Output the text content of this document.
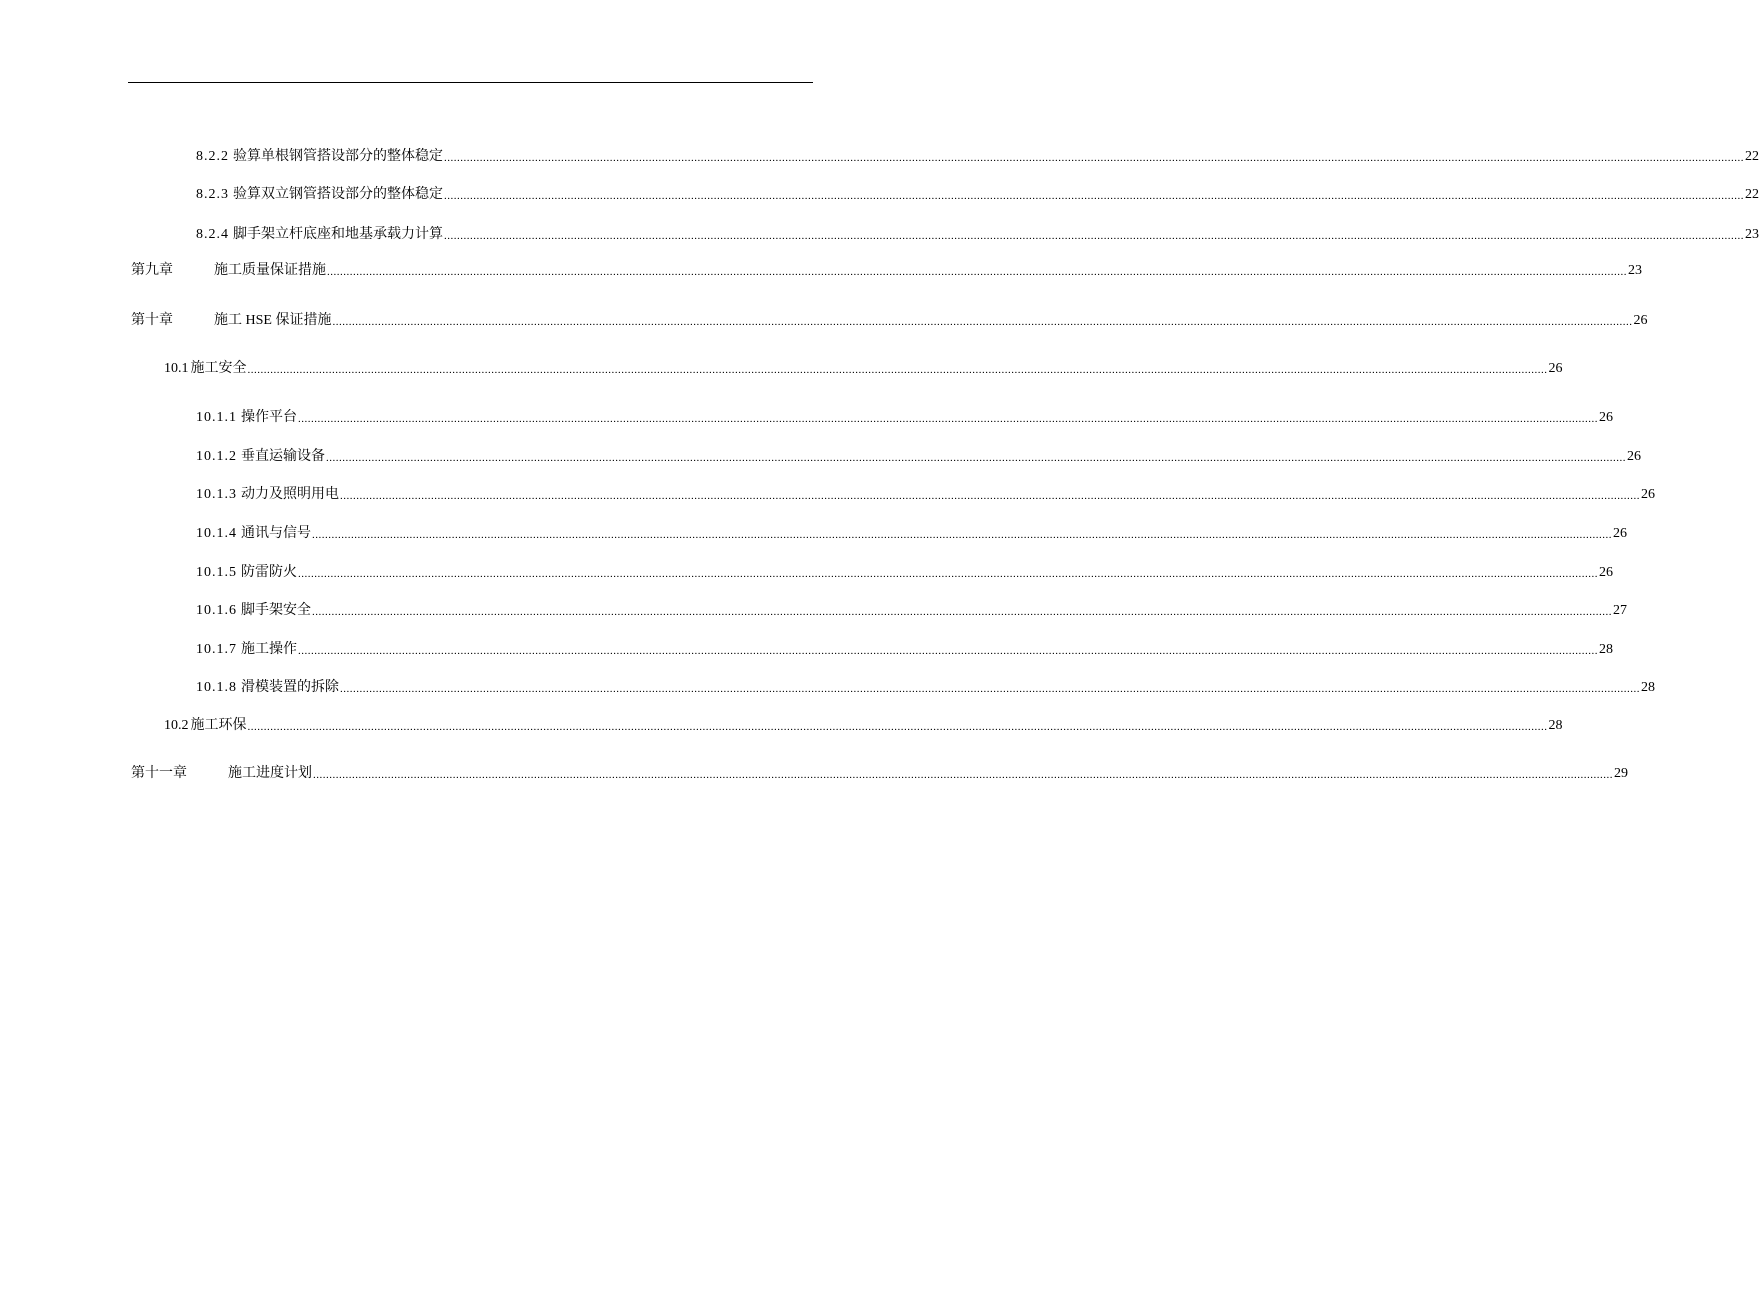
8.2.2 验算单根钢管搭设部分的整体稳定 ................................................................................................................................................................................................................................................................................................................................................................................................................ 22
8.2.3 验算双立钢管搭设部分的整体稳定 ................................................................................................................................................................................................................................................................................................................................................................................................................ 22
8.2.4 脚手架立杆底座和地基承载力计算 ................................................................................................................................................................................................................................................................................................................................................................................................................ 23
第九章	施工质量保证措施 ................................................................................................................................................................................................................................................................................................................................................................................................................ 23
第十章	施工 HSE 保证措施 ................................................................................................................................................................................................................................................................................................................................................................................................................ 26
10.1 施工安全 ................................................................................................................................................................................................................................................................................................................................................................................................................ 26
10.1.1 操作平台 ................................................................................................................................................................................................................................................................................................................................................................................................................ 26
10.1.2 垂直运输设备 ................................................................................................................................................................................................................................................................................................................................................................................................................ 26
10.1.3 动力及照明用电 ................................................................................................................................................................................................................................................................................................................................................................................................................ 26
10.1.4 通讯与信号 ................................................................................................................................................................................................................................................................................................................................................................................................................ 26
10.1.5 防雷防火 ................................................................................................................................................................................................................................................................................................................................................................................................................ 26
10.1.6 脚手架安全 ................................................................................................................................................................................................................................................................................................................................................................................................................ 27
10.1.7 施工操作 ................................................................................................................................................................................................................................................................................................................................................................................................................ 28
10.1.8 滑模装置的拆除 ................................................................................................................................................................................................................................................................................................................................................................................................................ 28
10.2 施工环保 ................................................................................................................................................................................................................................................................................................................................................................................................................ 28
第十一章	施工进度计划 ................................................................................................................................................................................................................................................................................................................................................................................................................ 29
